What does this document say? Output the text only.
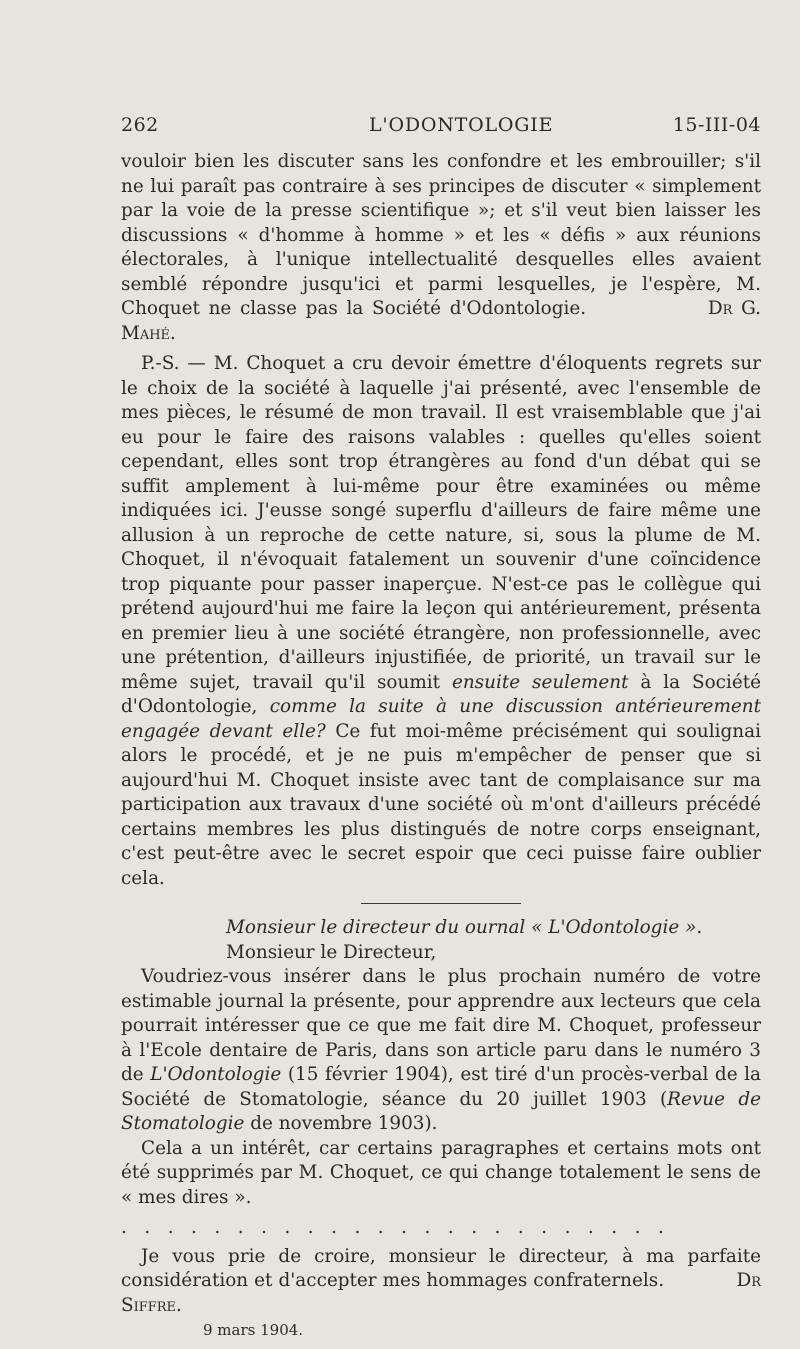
262	L'ODONTOLOGIE	15-III-04

vouloir bien les discuter sans les confondre et les embrouiller; s'il ne lui paraît pas contraire à ses principes de discuter « simplement par la voie de la presse scientifique »; et s'il veut bien laisser les discussions « d'homme à homme » et les « défis » aux réunions électorales, à l'unique intellectualité desquelles elles avaient semblé répondre jusqu'ici et parmi lesquelles, je l'espère, M. Choquet ne classe pas la Société d'Odontologie.	Dr G. Mahé.

P.-S. — M. Choquet a cru devoir émettre d'éloquents regrets sur le choix de la société à laquelle j'ai présenté, avec l'ensemble de mes pièces, le résumé de mon travail. Il est vraisemblable que j'ai eu pour le faire des raisons valables : quelles qu'elles soient cependant, elles sont trop étrangères au fond d'un débat qui se suffit amplement à lui-même pour être examinées ou même indiquées ici. J'eusse songé superflu d'ailleurs de faire même une allusion à un reproche de cette nature, si, sous la plume de M. Choquet, il n'évoquait fatalement un souvenir d'une coïncidence trop piquante pour passer inaperçue. N'est-ce pas le collègue qui prétend aujourd'hui me faire la leçon qui antérieurement, présenta en premier lieu à une société étrangère, non professionnelle, avec une prétention, d'ailleurs injustifiée, de priorité, un travail sur le même sujet, travail qu'il soumit ensuite seulement à la Société d'Odontologie, comme la suite à une discussion antérieurement engagée devant elle? Ce fut moi-même précisément qui soulignai alors le procédé, et je ne puis m'empêcher de penser que si aujourd'hui M. Choquet insiste avec tant de complaisance sur ma participation aux travaux d'une société où m'ont d'ailleurs précédé certains membres les plus distingués de notre corps enseignant, c'est peut-être avec le secret espoir que ceci puisse faire oublier cela.

Monsieur le directeur du ournal « L'Odontologie ».

Monsieur le Directeur,

Voudriez-vous insérer dans le plus prochain numéro de votre estimable journal la présente, pour apprendre aux lecteurs que cela pourrait intéresser que ce que me fait dire M. Choquet, professeur à l'Ecole dentaire de Paris, dans son article paru dans le numéro 3 de L'Odontologie (15 février 1904), est tiré d'un procès-verbal de la Société de Stomatologie, séance du 20 juillet 1903 (Revue de Stomatologie de novembre 1903).

Cela a un intérêt, car certains paragraphes et certains mots ont été supprimés par M. Choquet, ce qui change totalement le sens de « mes dires ».

........................

Je vous prie de croire, monsieur le directeur, à ma parfaite considération et d'accepter mes hommages confraternels.	Dr Siffre.

9 mars 1904.
